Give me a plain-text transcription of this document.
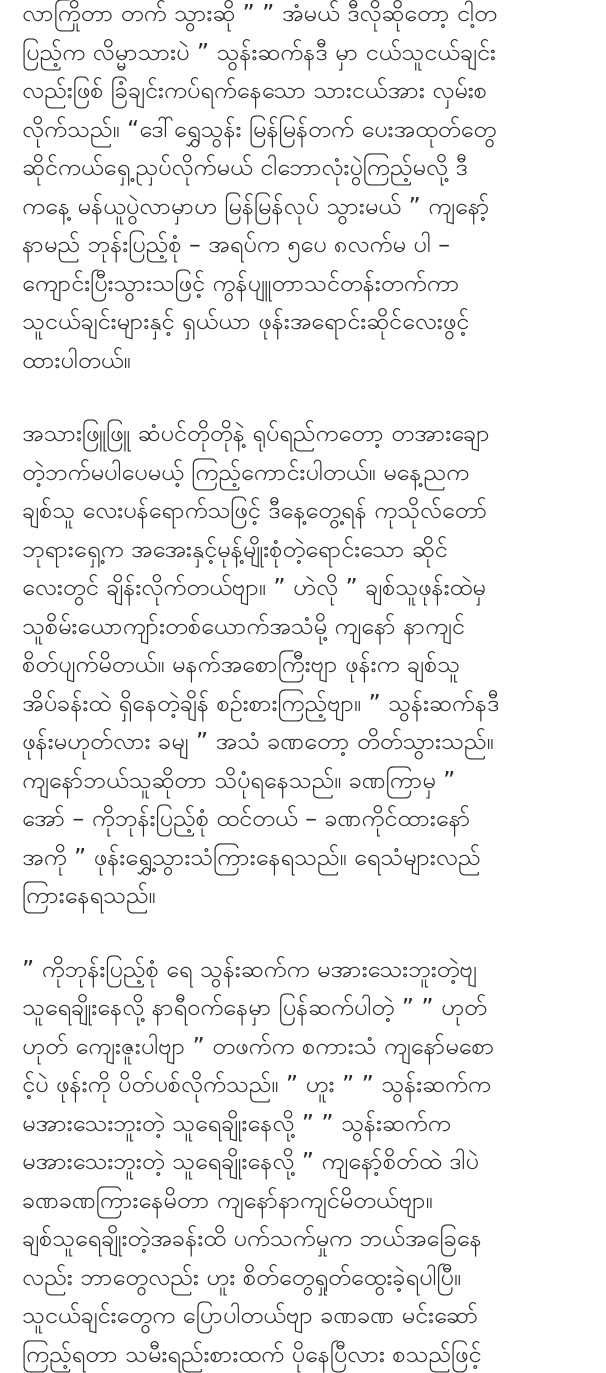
လာကြိုတာ တက် သွားဆို ” ” အံမယ် ဒီလိုဆိုတော့ ငါ့တ
ပြည့်က လိမ္မာသားပဲ ” သွန်းဆက်နဒီ မှာ ငယ်သူငယ်ချင်း
လည်းဖြစ် ခြံချင်းကပ်ရက်နေသော သားငယ်အား လှမ်းစ
လိုက်သည်။ “ဒေါ်ရွှေသွန်း မြန်မြန်တက် ပေးအထုတ်တွေ
ဆိုင်ကယ်ရှေ့ညှပ်လိုက်မယ် ငါဘောလုံးပွဲကြည့်မလို့ ဒီ
ကနေ့ မန်ယူပွဲလာမှာဟ မြန်မြန်လုပ် သွားမယ် ” ကျနော့်
နာမည် ဘုန်းပြည့်စုံ – အရပ်က ၅ပေ ၈လက်မ ပါ –
ကျောင်းပြီးသွားသဖြင့် ကွန်ပျူတာသင်တန်းတက်ကာ
သူငယ်ချင်းများနှင့် ရှယ်ယာ ဖုန်းအရောင်းဆိုင်လေးဖွင့်
ထားပါတယ်။
အသားဖြူဖြူ ဆံပင်တိုတိုနဲ့ ရုပ်ရည်ကတော့ တအားချော
တဲ့ဘက်မပါပေမယ့် ကြည့်ကောင်းပါတယ်။ မနေ့ညက
ချစ်သူ လေးပန်ရောက်သဖြင့် ဒီနေ့တွေ့ရန် ကုသိုလ်တော်
ဘုရားရှေ့က အအေးနှင့်မုန့်မျိုးစုံတဲ့ရောင်းသော ဆိုင်
လေးတွင် ချိန်းလိုက်တယ်ဗျာ။ ” ဟဲလို ” ချစ်သူဖုန်းထဲမှ
သူစိမ်းယောကျာ်းတစ်ယောက်အသံမို့ ကျနော် နာကျင်
စိတ်ပျက်မိတယ်။ မနက်အစောကြီးဗျာ ဖုန်းက ချစ်သူ
အိပ်ခန်းထဲ ရှိနေတဲ့ချိန် စဉ်းစားကြည့်ဗျာ။ ” သွန်းဆက်နဒီ
ဖုန်းမဟုတ်လား ခမျ ” အသံ ခဏတော့ တိတ်သွားသည်။
ကျနော်ဘယ်သူဆိုတာ သိပုံရနေသည်။ ခဏကြာမှ ”
အော် – ကိုဘုန်းပြည့်စုံ ထင်တယ် – ခဏကိုင်ထားနော်
အကို ” ဖုန်းရွှေ့သွားသံကြားနေရသည်။ ရေသံများလည်
ကြားနေရသည်။
” ကိုဘုန်းပြည့်စုံ ရေ သွန်းဆက်က မအားသေးဘူးတဲ့ဗျ
သူရေချိုးနေလို့ နာရီဝက်နေမှာ ပြန်ဆက်ပါတဲ့ ” ” ဟုတ်
ဟုတ် ကျေးဇူးပါဗျာ ” တဖက်က စကားသံ ကျနော်မစော
င့်ပဲ ဖုန်းကို ပိတ်ပစ်လိုက်သည်။ ” ဟူး ” ” သွန်းဆက်က
မအားသေးဘူးတဲ့ သူရေချိုးနေလို့ ” ” သွန်းဆက်က
မအားသေးဘူးတဲ့ သူရေချိုးနေလို့ ” ကျနော့်စိတ်ထဲ ဒါပဲ
ခဏခဏကြားနေမိတာ ကျနော်နာကျင်မိတယ်ဗျာ။
ချစ်သူရေချိုးတဲ့အခန်းထိ ပက်သက်မှုက ဘယ်အခြေနေ
လည်း ဘာတွေလည်း ဟူး စိတ်တွေရှုတ်ထွေးခဲ့ရပါပြီ။
သူငယ်ချင်းတွေက ပြောပါတယ်ဗျာ ခဏခဏ မင်းဆော်
ကြည့်ရတာ သမီးရည်းစားထက် ပိုနေပြီလား စသည်ဖြင့်
